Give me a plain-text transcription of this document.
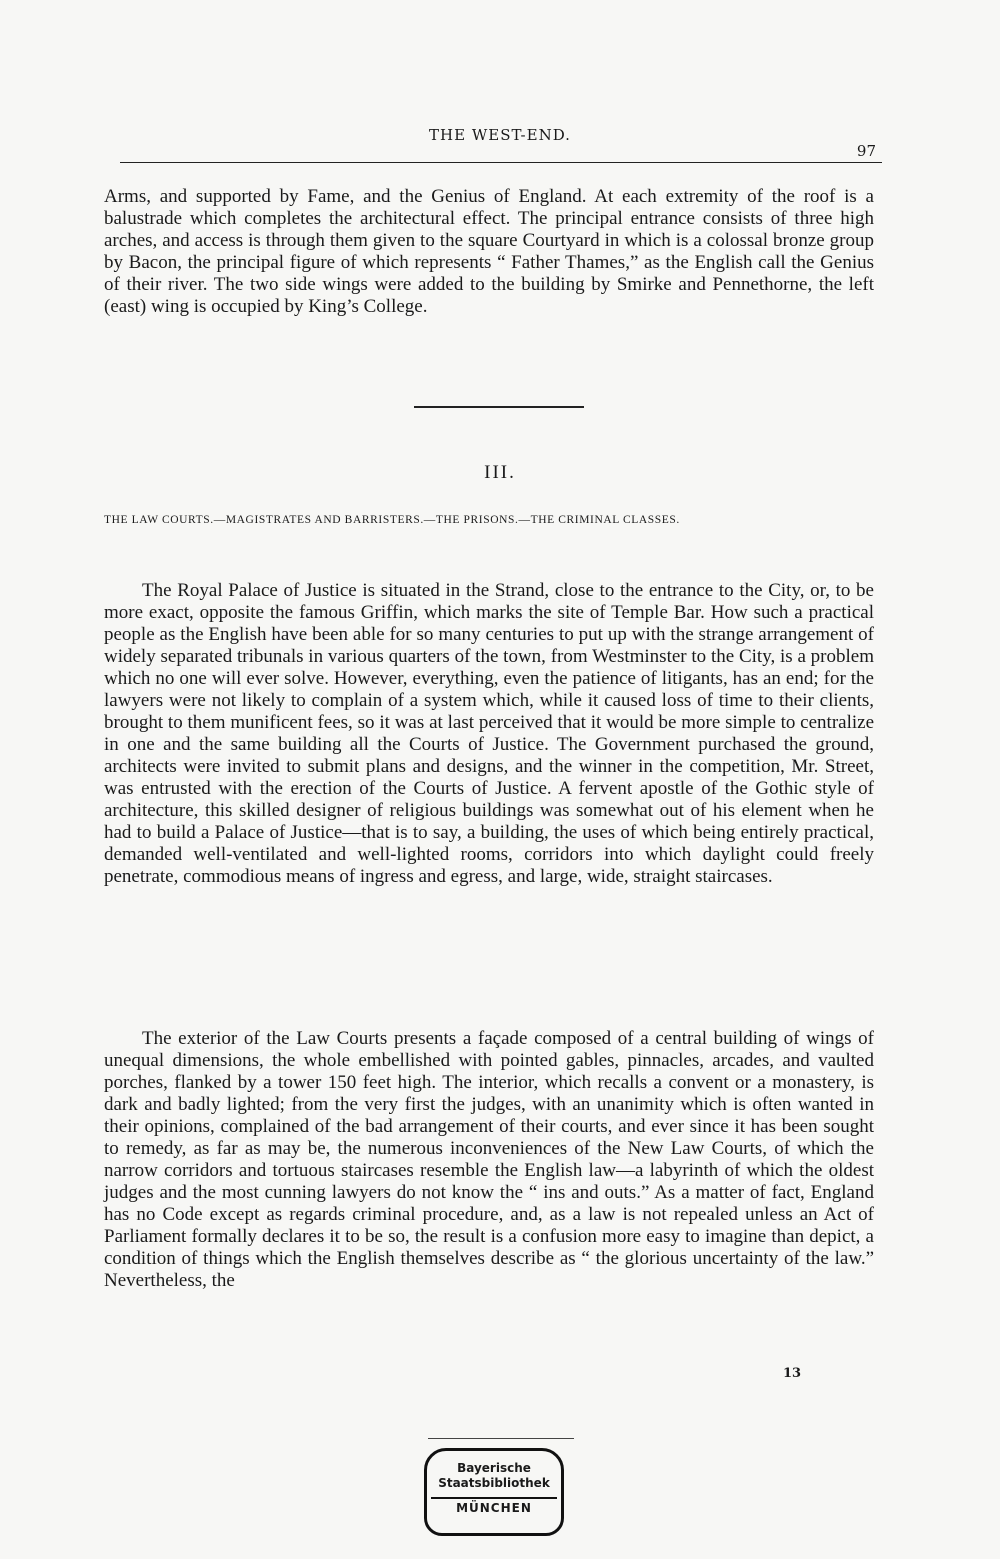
THE WEST-END.
97

Arms, and supported by Fame, and the Genius of England. At each extremity of the roof is a balustrade which completes the architectural effect. The principal entrance consists of three high arches, and access is through them given to the square Courtyard in which is a colossal bronze group by Bacon, the principal figure of which represents “ Father Thames,” as the English call the Genius of their river. The two side wings were added to the building by Smirke and Pennethorne, the left (east) wing is occupied by King’s College.

III.
THE LAW COURTS.—MAGISTRATES AND BARRISTERS.—THE PRISONS.—THE CRIMINAL CLASSES.

The Royal Palace of Justice is situated in the Strand, close to the entrance to the City, or, to be more exact, opposite the famous Griffin, which marks the site of Temple Bar. How such a practical people as the English have been able for so many centuries to put up with the strange arrangement of widely separated tribunals in various quarters of the town, from Westminster to the City, is a problem which no one will ever solve. However, everything, even the patience of litigants, has an end; for the lawyers were not likely to complain of a system which, while it caused loss of time to their clients, brought to them munificent fees, so it was at last perceived that it would be more simple to centralize in one and the same building all the Courts of Justice. The Government purchased the ground, architects were invited to submit plans and designs, and the winner in the competition, Mr. Street, was entrusted with the erection of the Courts of Justice. A fervent apostle of the Gothic style of architecture, this skilled designer of religious buildings was somewhat out of his element when he had to build a Palace of Justice—that is to say, a building, the uses of which being entirely practical, demanded well-ventilated and well-lighted rooms, corridors into which daylight could freely penetrate, commodious means of ingress and egress, and large, wide, straight staircases.

The exterior of the Law Courts presents a façade composed of a central building of wings of unequal dimensions, the whole embellished with pointed gables, pinnacles, arcades, and vaulted porches, flanked by a tower 150 feet high. The interior, which recalls a convent or a monastery, is dark and badly lighted; from the very first the judges, with an unanimity which is often wanted in their opinions, complained of the bad arrangement of their courts, and ever since it has been sought to remedy, as far as may be, the numerous inconveniences of the New Law Courts, of which the narrow corridors and tortuous staircases resemble the English law—a labyrinth of which the oldest judges and the most cunning lawyers do not know the “ ins and outs.” As a matter of fact, England has no Code except as regards criminal procedure, and, as a law is not repealed unless an Act of Parliament formally declares it to be so, the result is a confusion more easy to imagine than depict, a condition of things which the English themselves describe as “ the glorious uncertainty of the law.” Nevertheless, the

13
Bayerische
Staatsbibliothek
MÜNCHEN
